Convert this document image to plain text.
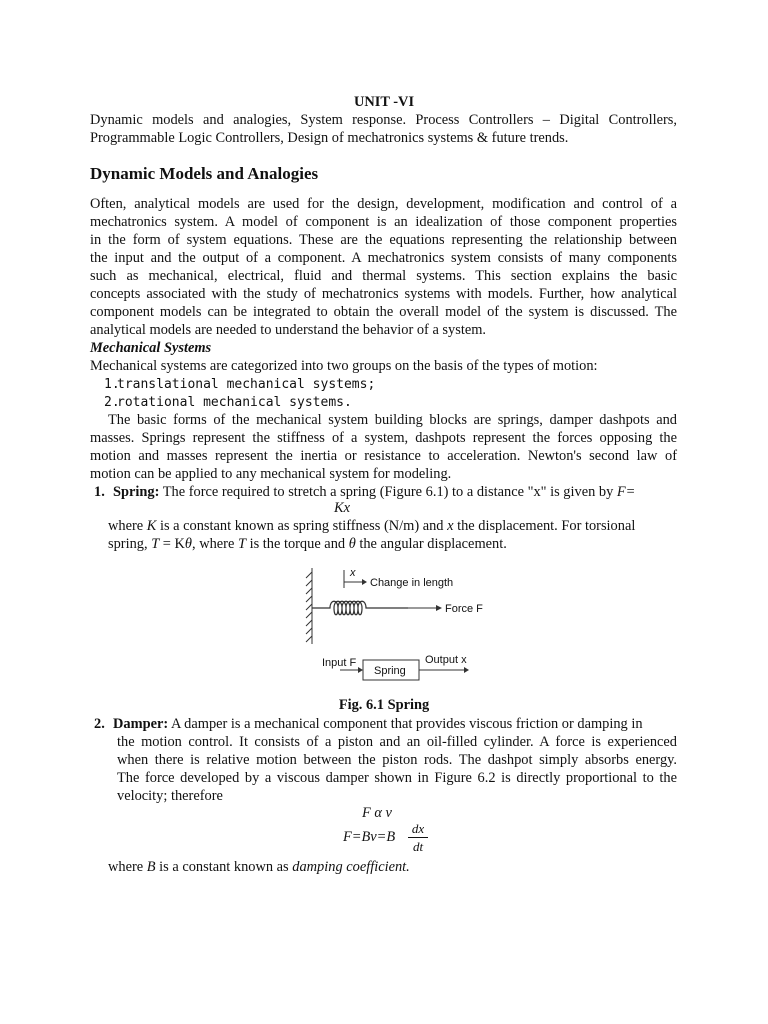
UNIT -VI
Dynamic models and analogies, System response. Process Controllers – Digital Controllers,
Programmable Logic Controllers, Design of mechatronics systems & future trends.
Dynamic Models and Analogies
Often, analytical models are used for the design, development, modification and control of a
mechatronics system. A model of component is an idealization of those component properties
in the form of system equations. These are the equations representing the relationship between
the input and the output of a component. A mechatronics system consists of many components
such as mechanical, electrical, fluid and thermal systems. This section explains the basic
concepts associated with the study of mechatronics systems with models. Further, how analytical
component models can be integrated to obtain the overall model of the system is discussed. The
analytical models are needed to understand the behavior of a system.
Mechanical Systems
Mechanical systems are categorized into two groups on the basis of the types of motion:
1.
translational mechanical systems;
2.
rotational mechanical systems.
The basic forms of the mechanical system building blocks are springs, damper dashpots and
masses. Springs represent the stiffness of a system, dashpots represent the forces opposing the
motion and masses represent the inertia or resistance to acceleration. Newton's second law of
motion can be applied to any mechanical system for modeling.
1. Spring: The force required to stretch a spring (Figure 6.1) to a distance "x" is given by F=
Kx
where K is a constant known as spring stiffness (N/m) and x the displacement. For torsional
spring, T = Kθ, where T is the torque and θ the angular displacement.
x
Change in length
Force F
Input F
Spring
Output x
Fig. 6.1 Spring
2. Damper: A damper is a mechanical component that provides viscous friction or damping in
the motion control. It consists of a piston and an oil-filled cylinder. A force is experienced
when there is relative motion between the piston rods. The dashpot simply absorbs energy.
The force developed by a viscous damper shown in Figure 6.2 is directly proportional to the
velocity; therefore
F α v
F=Bv=B
dx
dt
where B is a constant known as damping coefficient.
